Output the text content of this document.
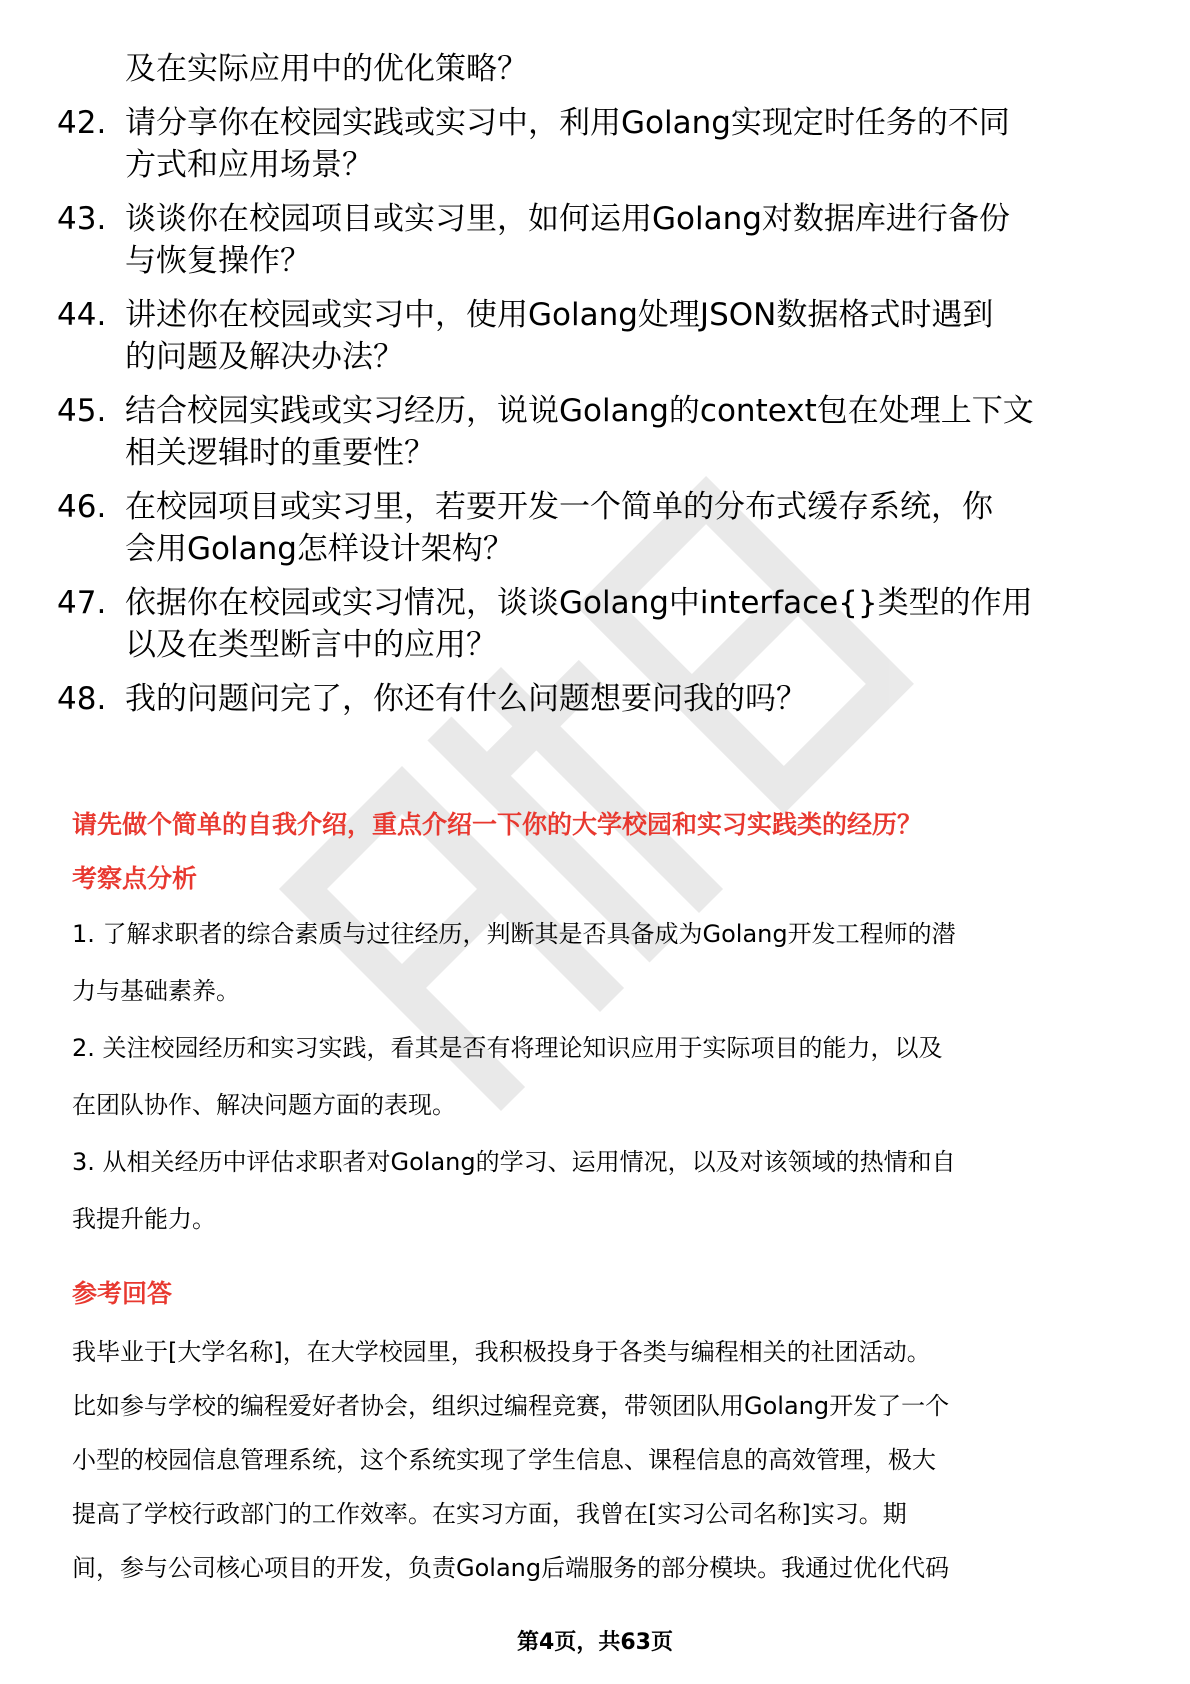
及在实际应用中的优化策略？
42. 请分享你在校园实践或实习中，利用Golang实现定时任务的不同
方式和应用场景？
43. 谈谈你在校园项目或实习里，如何运用Golang对数据库进行备份
与恢复操作？
44. 讲述你在校园或实习中，使用Golang处理JSON数据格式时遇到
的问题及解决办法？
45. 结合校园实践或实习经历，说说Golang的context包在处理上下文
相关逻辑时的重要性？
46. 在校园项目或实习里，若要开发一个简单的分布式缓存系统，你
会用Golang怎样设计架构？
47. 依据你在校园或实习情况，谈谈Golang中interface{}类型的作用
以及在类型断言中的应用？
48. 我的问题问完了，你还有什么问题想要问我的吗？
请先做个简单的自我介绍，重点介绍一下你的大学校园和实习实践类的经历？
考察点分析

1. 了解求职者的综合素质与过往经历，判断其是否具备成为Golang开发工程师的潜

力与基础素养。

2. 关注校园经历和实习实践，看其是否有将理论知识应用于实际项目的能力，以及

在团队协作、解决问题方面的表现。

3. 从相关经历中评估求职者对Golang的学习、运用情况，以及对该领域的热情和自

我提升能力。

参考回答

我毕业于[大学名称]，在大学校园里，我积极投身于各类与编程相关的社团活动。

比如参与学校的编程爱好者协会，组织过编程竞赛，带领团队用Golang开发了一个

小型的校园信息管理系统，这个系统实现了学生信息、课程信息的高效管理，极大

提高了学校行政部门的工作效率。在实习方面，我曾在[实习公司名称]实习。期

间，参与公司核心项目的开发，负责Golang后端服务的部分模块。我通过优化代码

第4页，共63页
